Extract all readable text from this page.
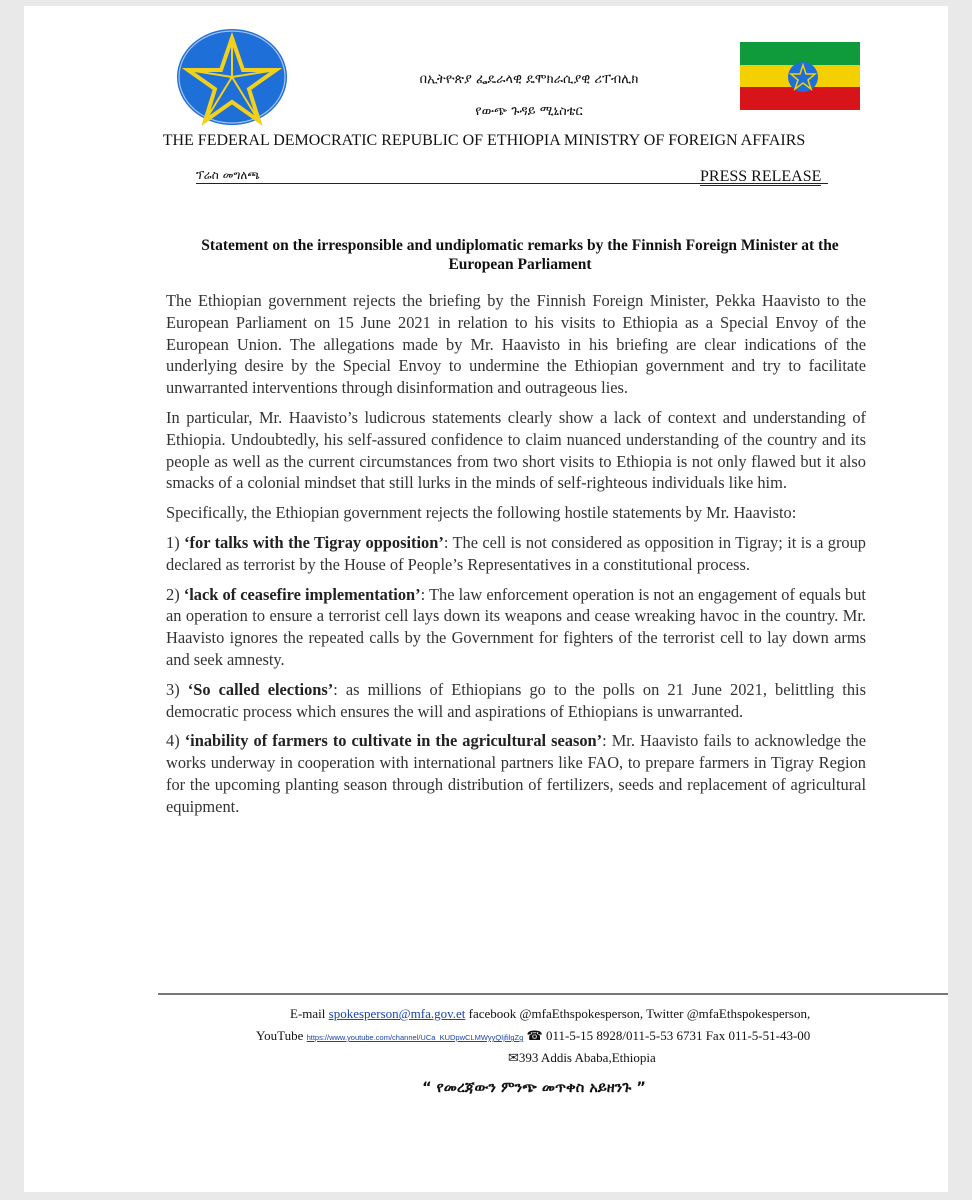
በኢትዮጵያ ፌዴራላዊ ዴሞክራሲያዊ ሪፐብሊክ
የውጭ ጉዳይ ሚኒስቴር
THE FEDERAL DEMOCRATIC REPUBLIC OF ETHIOPIA MINISTRY OF FOREIGN AFFAIRS
ፕሬስ መግለጫ	PRESS RELEASE
Statement on the irresponsible and undiplomatic remarks by the Finnish Foreign Minister at the European Parliament

The Ethiopian government rejects the briefing by the Finnish Foreign Minister, Pekka Haavisto to the European Parliament on 15 June 2021 in relation to his visits to Ethiopia as a Special Envoy of the European Union. The allegations made by Mr. Haavisto in his briefing are clear indications of the underlying desire by the Special Envoy to undermine the Ethiopian government and try to facilitate unwarranted interventions through disinformation and outrageous lies.

In particular, Mr. Haavisto’s ludicrous statements clearly show a lack of context and understanding of Ethiopia. Undoubtedly, his self-assured confidence to claim nuanced understanding of the country and its people as well as the current circumstances from two short visits to Ethiopia is not only flawed but it also smacks of a colonial mindset that still lurks in the minds of self-righteous individuals like him.

Specifically, the Ethiopian government rejects the following hostile statements by Mr. Haavisto:

1) ‘for talks with the Tigray opposition’: The cell is not considered as opposition in Tigray; it is a group declared as terrorist by the House of People’s Representatives in a constitutional process.

2) ‘lack of ceasefire implementation’: The law enforcement operation is not an engagement of equals but an operation to ensure a terrorist cell lays down its weapons and cease wreaking havoc in the country. Mr. Haavisto ignores the repeated calls by the Government for fighters of the terrorist cell to lay down arms and seek amnesty.

3) ‘So called elections’: as millions of Ethiopians go to the polls on 21 June 2021, belittling this democratic process which ensures the will and aspirations of Ethiopians is unwarranted.

4) ‘inability of farmers to cultivate in the agricultural season’: Mr. Haavisto fails to acknowledge the works underway in cooperation with international partners like FAO, to prepare farmers in Tigray Region for the upcoming planting season through distribution of fertilizers, seeds and replacement of agricultural equipment.

E-mail spokesperson@mfa.gov.et facebook @mfaEthspokesperson, Twitter @mfaEthspokesperson,
YouTube https://www.youtube.com/channel/UCa_KUDpwCLMWyyQIjfilgZg ☎ 011-5-15 8928/011-5-53 6731 Fax 011-5-51-43-00
✉393 Addis Ababa,Ethiopia
“ የመረጃውን ምንጭ መጥቀስ አይዘንጉ ”
